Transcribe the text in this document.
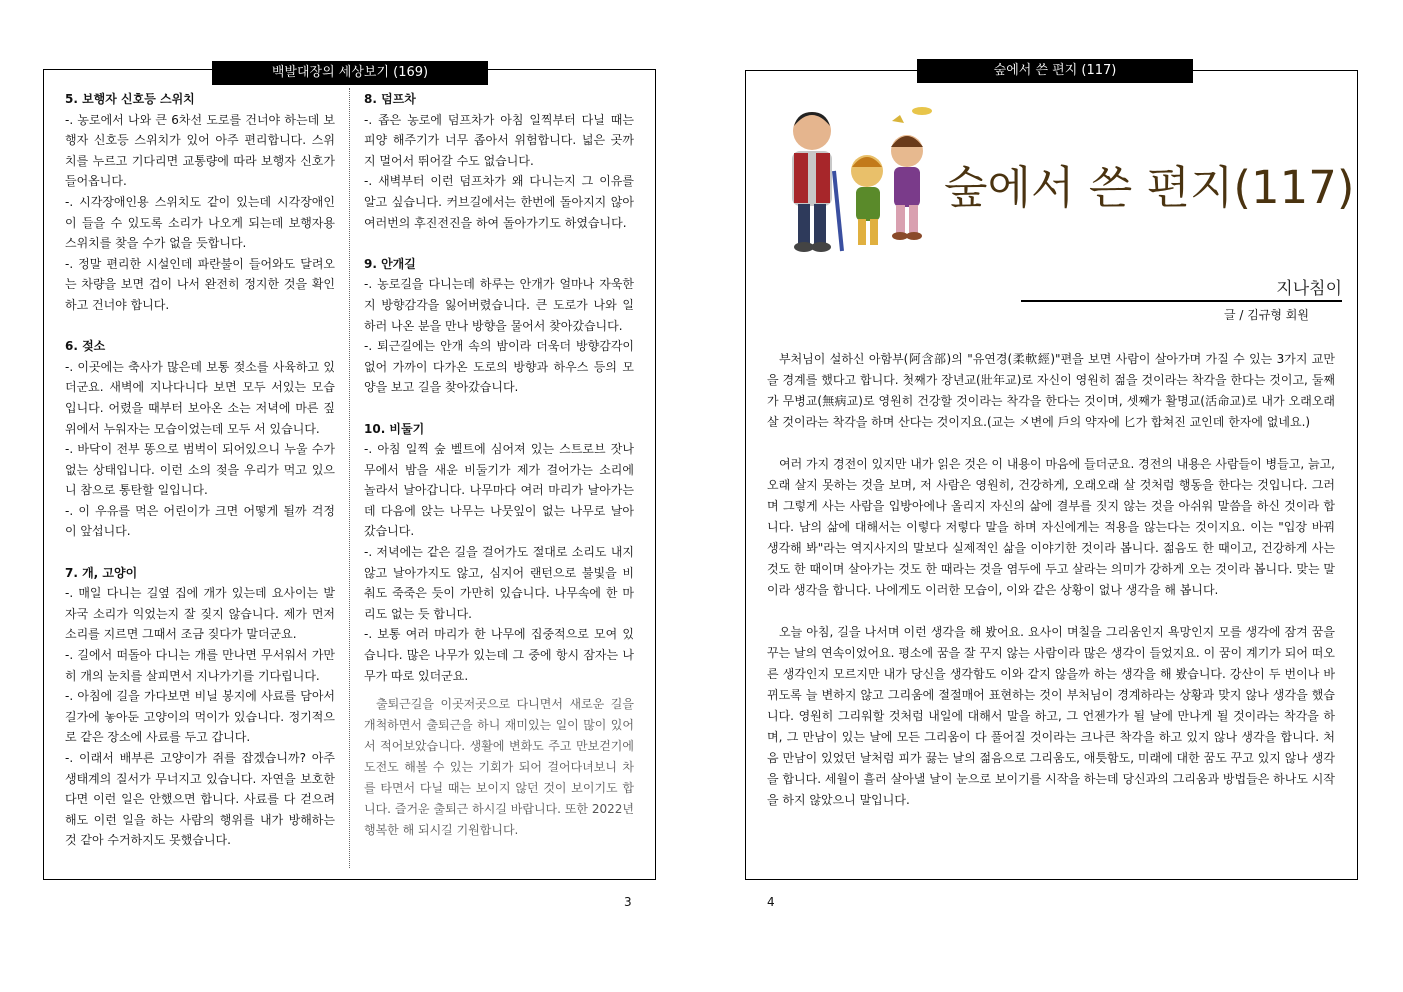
백발대장의 세상보기 (169)
5. 보행자 신호등 스위치
-. 농로에서 나와 큰 6차선 도로를 건너야 하는데 보행자 신호등 스위치가 있어 아주 편리합니다. 스위치를 누르고 기다리면 교통량에 따라 보행자 신호가 들어옵니다.
-. 시각장애인용 스위치도 같이 있는데 시각장애인이 들을 수 있도록 소리가 나오게 되는데 보행자용 스위치를 찾을 수가 없을 듯합니다.
-. 정말 편리한 시설인데 파란불이 들어와도 달려오는 차량을 보면 겁이 나서 완전히 정지한 것을 확인하고 건너야 합니다.
6. 젖소
-. 이곳에는 축사가 많은데 보통 젖소를 사육하고 있더군요. 새벽에 지나다니다 보면 모두 서있는 모습입니다. 어렸을 때부터 보아온 소는 저녁에 마른 짚위에서 누워자는 모습이었는데 모두 서 있습니다.
-. 바닥이 전부 똥으로 범벅이 되어있으니 누울 수가 없는 상태입니다. 이런 소의 젖을 우리가 먹고 있으니 참으로 통탄할 일입니다.
-. 이 우유를 먹은 어린이가 크면 어떻게 될까 걱정이 앞섭니다.
7. 개, 고양이
-. 매일 다니는 길옆 집에 개가 있는데 요사이는 발자국 소리가 익었는지 잘 짖지 않습니다. 제가 먼저 소리를 지르면 그때서 조금 짖다가 말더군요.
-. 길에서 떠돌아 다니는 개를 만나면 무서워서 가만히 개의 눈치를 살피면서 지나가기를 기다립니다.
-. 아침에 길을 가다보면 비닐 봉지에 사료를 담아서 길가에 놓아둔 고양이의 먹이가 있습니다. 정기적으로 같은 장소에 사료를 두고 갑니다.
-. 이래서 배부른 고양이가 쥐를 잡겠습니까? 아주 생태계의 질서가 무너지고 있습니다. 자연을 보호한다면 이런 일은 안했으면 합니다. 사료를 다 걷으려 해도 이런 일을 하는 사람의 행위를 내가 방해하는 것 같아 수거하지도 못했습니다.
8. 덤프차
-. 좁은 농로에 덤프차가 아침 일찍부터 다닐 때는 피양 해주기가 너무 좁아서 위험합니다. 넓은 곳까지 멀어서 뛰어갈 수도 없습니다.
-. 새벽부터 이런 덤프차가 왜 다니는지 그 이유를 알고 싶습니다. 커브길에서는 한번에 돌아지지 않아 여러번의 후진전진을 하여 돌아가기도 하였습니다.
9. 안개길
-. 농로길을 다니는데 하루는 안개가 얼마나 자욱한지 방향감각을 잃어버렸습니다. 큰 도로가 나와 일하러 나온 분을 만나 방향을 물어서 찾아갔습니다.
-. 퇴근길에는 안개 속의 밤이라 더욱더 방향감각이 없어 가까이 다가온 도로의 방향과 하우스 등의 모양을 보고 길을 찾아갔습니다.
10. 비둘기
-. 아침 일찍 숲 벨트에 심어져 있는 스트로브 잣나무에서 밤을 새운 비둘기가 제가 걸어가는 소리에 놀라서 날아갑니다. 나무마다 여러 마리가 날아가는데 다음에 앉는 나무는 나뭇잎이 없는 나무로 날아갔습니다.
-. 저녁에는 같은 길을 걸어가도 절대로 소리도 내지 않고 날아가지도 않고, 심지어 랜턴으로 불빛을 비춰도 죽죽은 듯이 가만히 있습니다. 나무속에 한 마리도 없는 듯 합니다.
-. 보통 여러 마리가 한 나무에 집중적으로 모여 있습니다. 많은 나무가 있는데 그 중에 항시 잠자는 나무가 따로 있더군요.
출퇴근길을 이곳저곳으로 다니면서 새로운 길을 개척하면서 출퇴근을 하니 재미있는 일이 많이 있어서 적어보았습니다. 생활에 변화도 주고 만보걷기에 도전도 해볼 수 있는 기회가 되어 걸어다녀보니 차를 타면서 다닐 때는 보이지 않던 것이 보이기도 합니다. 즐거운 출퇴근 하시길 바랍니다. 또한 2022년 행복한 해 되시길 기원합니다.
3
숲에서 쓴 편지 (117)
숲에서 쓴 편지(117)
지나침이
글 / 김규형 회원

부처님이 설하신 아함부(阿含部)의 "유연경(柔軟經)"편을 보면 사람이 살아가며 가질 수 있는 3가지 교만을 경계를 했다고 합니다. 첫째가 장년교(壯年교)로 자신이 영원히 젊을 것이라는 착각을 한다는 것이고, 둘째가 무병교(無病교)로 영원히 건강할 것이라는 착각을 한다는 것이며, 셋째가 활명교(活命교)로 내가 오래오래 살 것이라는 착각을 하며 산다는 것이지요.(교는 㐅변에 戶의 약자에 匕가 합쳐진 교인데 한자에 없네요.)

여러 가지 경전이 있지만 내가 읽은 것은 이 내용이 마음에 들더군요. 경전의 내용은 사람들이 병들고, 늙고, 오래 살지 못하는 것을 보며, 저 사람은 영원히, 건강하게, 오래오래 살 것처럼 행동을 한다는 것입니다. 그러며 그렇게 사는 사람을 입방아에나 올리지 자신의 삶에 결부를 짓지 않는 것을 아쉬워 말씀을 하신 것이라 합니다. 남의 삶에 대해서는 이렇다 저렇다 말을 하며 자신에게는 적용을 않는다는 것이지요. 이는 "입장 바꿔 생각해 봐"라는 역지사지의 말보다 실제적인 삶을 이야기한 것이라 봅니다. 젊음도 한 때이고, 건강하게 사는 것도 한 때이며 살아가는 것도 한 때라는 것을 염두에 두고 살라는 의미가 강하게 오는 것이라 봅니다. 맞는 말이라 생각을 합니다. 나에게도 이러한 모습이, 이와 같은 상황이 없나 생각을 해 봅니다.

오늘 아침, 길을 나서며 이런 생각을 해 봤어요. 요사이 며칠을 그리움인지 욕망인지 모를 생각에 잠겨 꿈을 꾸는 날의 연속이었어요. 평소에 꿈을 잘 꾸지 않는 사람이라 많은 생각이 들었지요. 이 꿈이 계기가 되어 떠오른 생각인지 모르지만 내가 당신을 생각함도 이와 같지 않을까 하는 생각을 해 봤습니다. 강산이 두 번이나 바뀌도록 늘 변하지 않고 그리움에 절절매어 표현하는 것이 부처님이 경계하라는 상황과 맞지 않나 생각을 했습니다. 영원히 그리워할 것처럼 내일에 대해서 말을 하고, 그 언젠가가 될 날에 만나게 될 것이라는 착각을 하며, 그 만남이 있는 날에 모든 그리움이 다 풀어질 것이라는 크나큰 착각을 하고 있지 않나 생각을 합니다. 처음 만남이 있었던 날처럼 피가 끓는 날의 젊음으로 그리움도, 애틋함도, 미래에 대한 꿈도 꾸고 있지 않나 생각을 합니다. 세월이 흘러 살아낼 날이 눈으로 보이기를 시작을 하는데 당신과의 그리움과 방법들은 하나도 시작을 하지 않았으니 말입니다.

4
